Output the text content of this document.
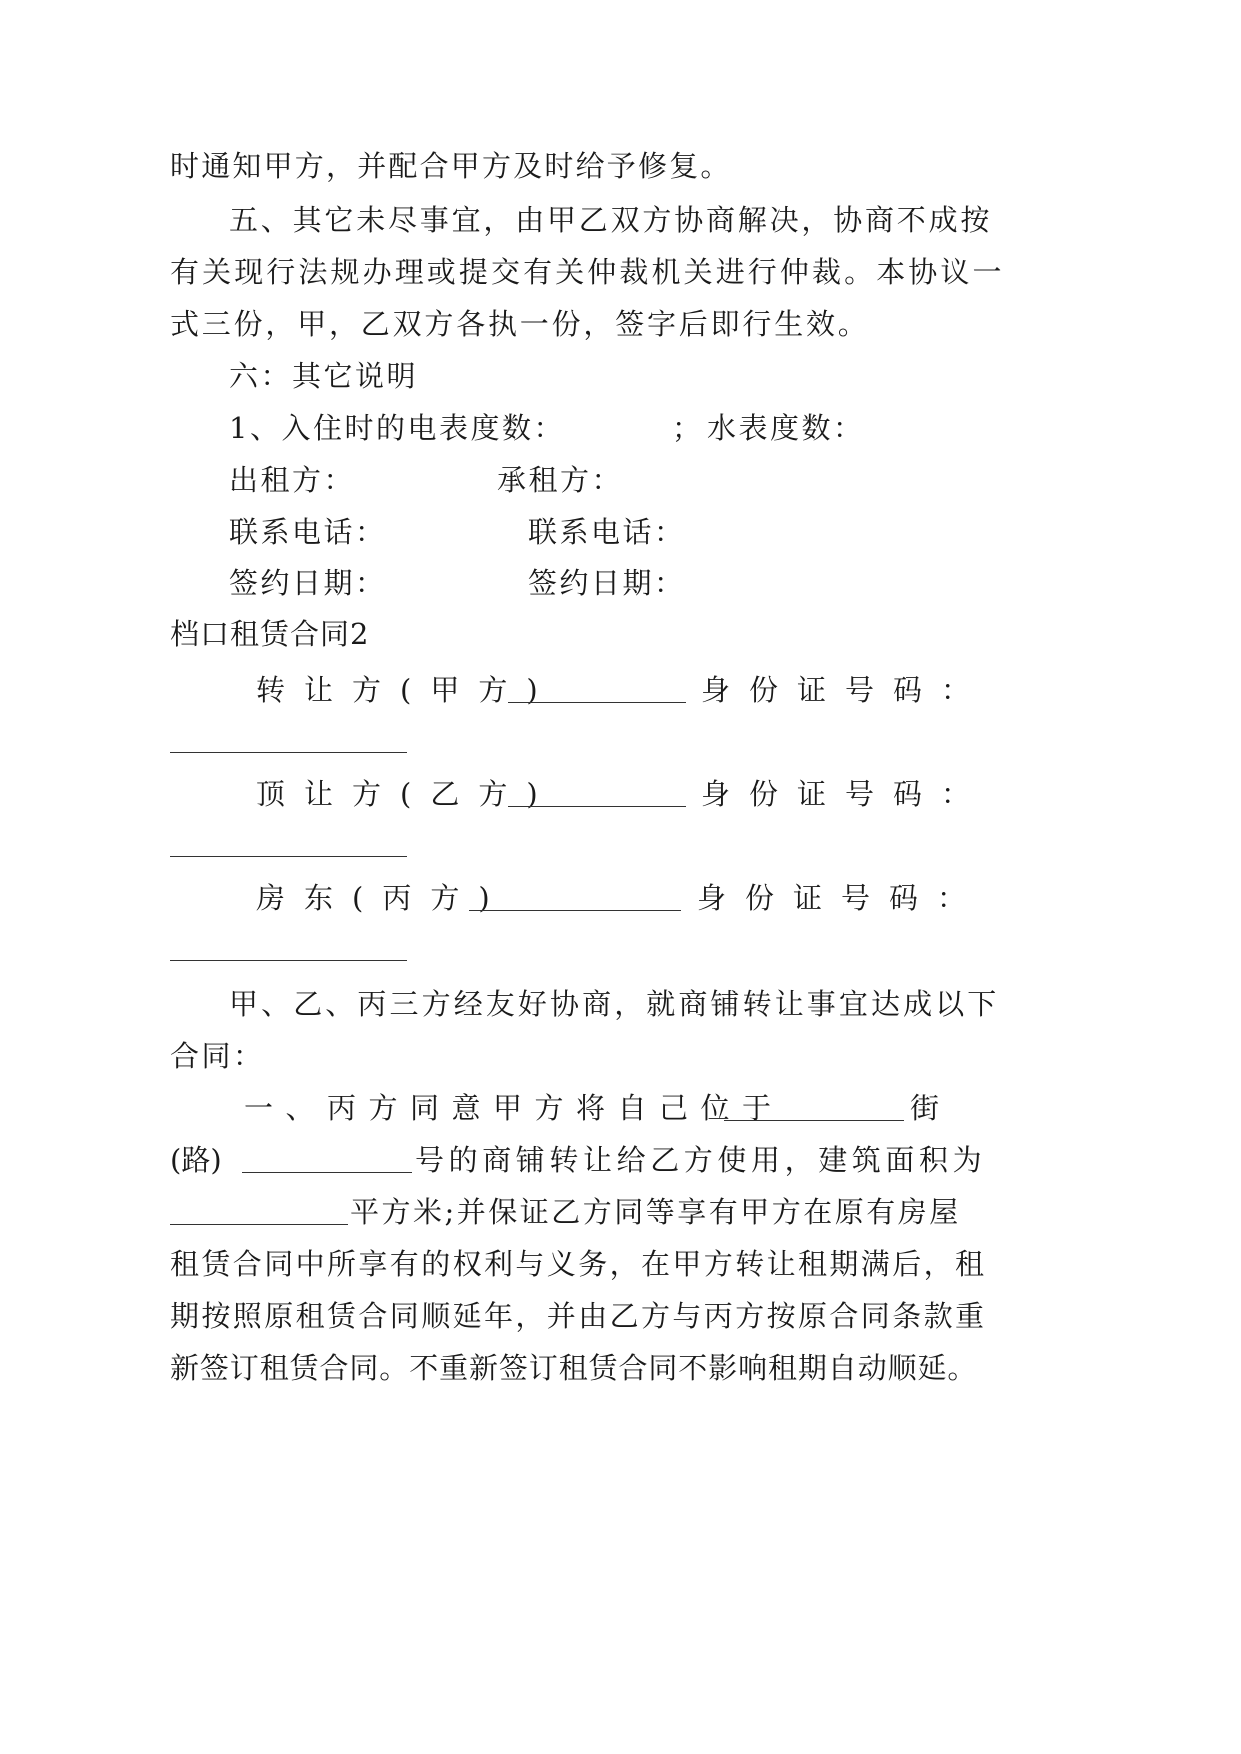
时通知甲方，并配合甲方及时给予修复。
五、其它未尽事宜，由甲乙双方协商解决，协商不成按
有关现行法规办理或提交有关仲裁机关进行仲裁。本协议一
式三份，甲，乙双方各执一份，签字后即行生效。
六：其它说明
1、入住时的电表度数：	； 水表度数：
出租方：	承租方：
联系电话：	联系电话：
签约日期：	签约日期：
档口租赁合同2
转让方(甲方)	身份证号码：
顶让方(乙方)	身份证号码：
房东(丙方)	身份证号码：
甲、乙、丙三方经友好协商，就商铺转让事宜达成以下
合同：
一、丙方同意甲方将自己位于	街
(路)	号的商铺转让给乙方使用，建筑面积为
平方米;并保证乙方同等享有甲方在原有房屋
租赁合同中所享有的权利与义务，在甲方转让租期满后，租
期按照原租赁合同顺延年，并由乙方与丙方按原合同条款重
新签订租赁合同。不重新签订租赁合同不影响租期自动顺延。
